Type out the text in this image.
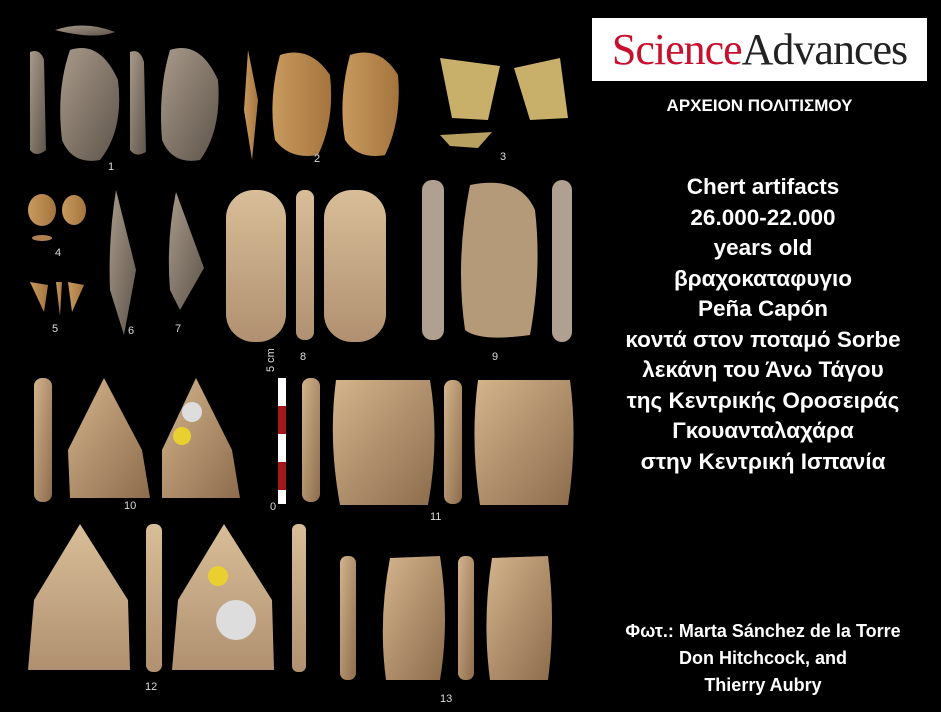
1
2	3
4
5	6	7
8	9
10
11
12
13
5 cm
0
Science Advances
ΑΡΧΕΙΟΝ ΠΟΛΙΤΙΣΜΟΥ
Chert artifacts
26.000-22.000
years old
βραχοκαταφυγιο
Peña Capón
κοντά στον ποταμό Sorbe
λεκάνη του Άνω Τάγου
της Κεντρικής Οροσειράς
Γκουανταλαχάρα
στην Κεντρική Ισπανία
Φωτ.: Marta Sánchez de la Torre
Don Hitchcock, and
Thierry Aubry
